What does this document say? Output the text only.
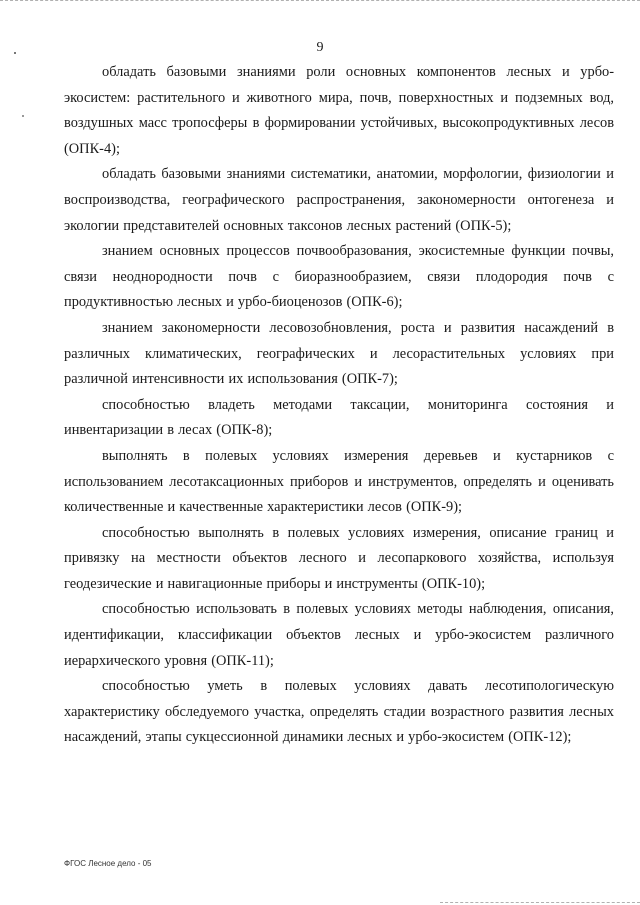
9

обладать базовыми знаниями роли основных компонентов лесных и урбо-экосистем: растительного и животного мира, почв, поверхностных и подземных вод, воздушных масс тропосферы в формировании устойчивых, высокопродуктивных лесов (ОПК-4);

обладать базовыми знаниями систематики, анатомии, морфологии, физиологии и воспроизводства, географического распространения, закономерности онтогенеза и экологии представителей основных таксонов лесных растений (ОПК-5);

знанием основных процессов почвообразования, экосистемные функции почвы, связи неоднородности почв с биоразнообразием, связи плодородия почв с продуктивностью лесных и урбо-биоценозов (ОПК-6);

знанием закономерности лесовозобновления, роста и развития насаждений в различных климатических, географических и лесорастительных условиях при различной интенсивности их использования (ОПК-7);

способностью владеть методами таксации, мониторинга состояния и инвентаризации в лесах (ОПК-8);

выполнять в полевых условиях измерения деревьев и кустарников с использованием лесотаксационных приборов и инструментов, определять и оценивать количественные и качественные характеристики лесов (ОПК-9);

способностью выполнять в полевых условиях измерения, описание границ и привязку на местности объектов лесного и лесопаркового хозяйства, используя геодезические и навигационные приборы и инструменты (ОПК-10);

способностью использовать в полевых условиях методы наблюдения, описания, идентификации, классификации объектов лесных и урбо-экосистем различного иерархического уровня (ОПК-11);

способностью уметь в полевых условиях давать лесотипологическую характеристику обследуемого участка, определять стадии возрастного развития лесных насаждений, этапы сукцессионной динамики лесных и урбо-экосистем (ОПК-12);

ФГОС Лесное дело - 05
